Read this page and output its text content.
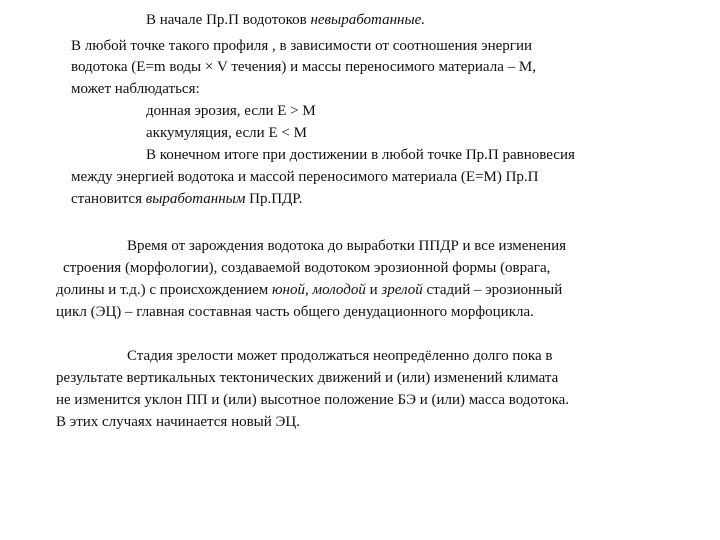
В начале Пр.П водотоков невыработанные.
В любой точке такого профиля , в зависимости от соотношения энергии
водотока (Е=m воды × V течения) и массы переносимого материала – М,
может наблюдаться:
донная эрозия, если Е > М
аккумуляция, если Е < М
В конечном итоге при достижении в любой точке Пр.П равновесия
между энергией водотока и массой переносимого материала (Е=М) Пр.П
становится выработанным Пр.ПДР.
Время от зарождения водотока до выработки ППДР и все изменения
строения (морфологии), создаваемой водотоком эрозионной формы (оврага,
долины и т.д.) с происхождением юной, молодой и зрелой стадий – эрозионный
цикл (ЭЦ) – главная составная часть общего денудационного морфоцикла.
Стадия зрелости может продолжаться неопредёленно долго пока в
результате вертикальных тектонических движений и (или) изменений климата
не изменится уклон ПП и (или) высотное положение БЭ и (или) масса водотока.
В этих случаях начинается новый ЭЦ.
